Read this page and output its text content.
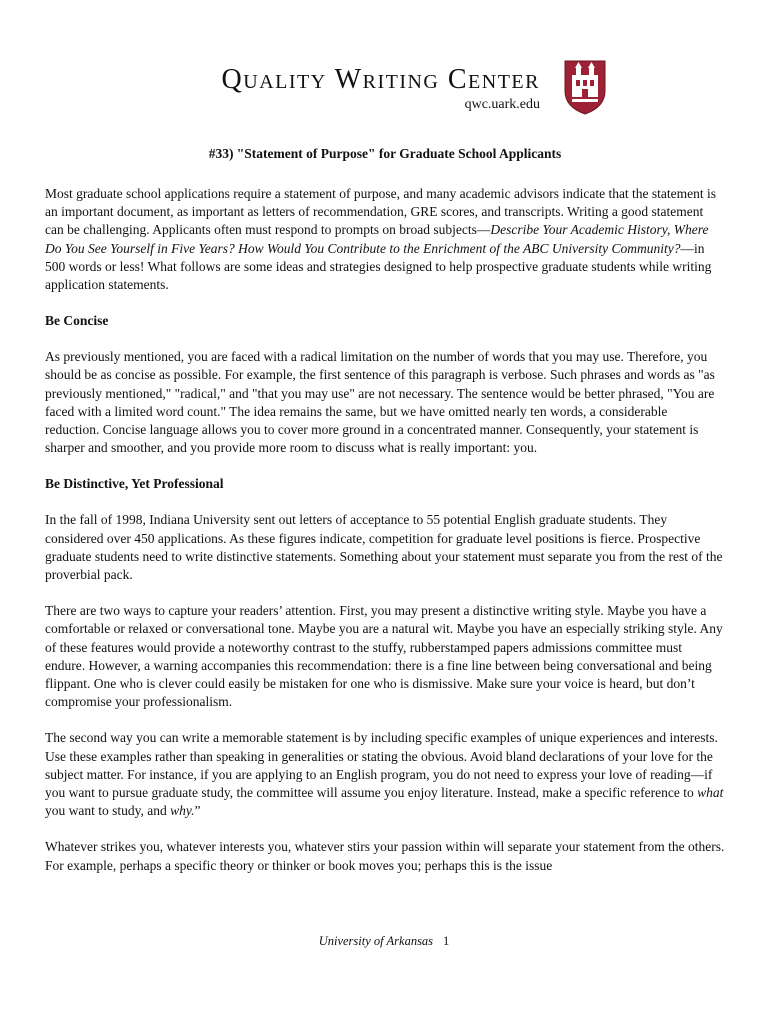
Quality Writing Center
qwc.uark.edu
#33) "Statement of Purpose" for Graduate School Applicants

Most graduate school applications require a statement of purpose, and many academic advisors indicate that the statement is an important document, as important as letters of recommendation, GRE scores, and transcripts. Writing a good statement can be challenging. Applicants often must respond to prompts on broad subjects—Describe Your Academic History, Where Do You See Yourself in Five Years? How Would You Contribute to the Enrichment of the ABC University Community?—in 500 words or less! What follows are some ideas and strategies designed to help prospective graduate students while writing application statements.

Be Concise

As previously mentioned, you are faced with a radical limitation on the number of words that you may use. Therefore, you should be as concise as possible. For example, the first sentence of this paragraph is verbose. Such phrases and words as "as previously mentioned," "radical," and "that you may use" are not necessary. The sentence would be better phrased, "You are faced with a limited word count." The idea remains the same, but we have omitted nearly ten words, a considerable reduction. Concise language allows you to cover more ground in a concentrated manner. Consequently, your statement is sharper and smoother, and you provide more room to discuss what is really important: you.

Be Distinctive, Yet Professional

In the fall of 1998, Indiana University sent out letters of acceptance to 55 potential English graduate students. They considered over 450 applications. As these figures indicate, competition for graduate level positions is fierce. Prospective graduate students need to write distinctive statements. Something about your statement must separate you from the rest of the proverbial pack.

There are two ways to capture your readers’ attention. First, you may present a distinctive writing style. Maybe you have a comfortable or relaxed or conversational tone. Maybe you are a natural wit. Maybe you have an especially striking style. Any of these features would provide a noteworthy contrast to the stuffy, rubberstamped papers admissions committee must endure. However, a warning accompanies this recommendation: there is a fine line between being conversational and being flippant. One who is clever could easily be mistaken for one who is dismissive. Make sure your voice is heard, but don’t compromise your professionalism.

The second way you can write a memorable statement is by including specific examples of unique experiences and interests. Use these examples rather than speaking in generalities or stating the obvious. Avoid bland declarations of your love for the subject matter. For instance, if you are applying to an English program, you do not need to express your love of reading—if you want to pursue graduate study, the committee will assume you enjoy literature. Instead, make a specific reference to what you want to study, and why.”

Whatever strikes you, whatever interests you, whatever stirs your passion within will separate your statement from the others. For example, perhaps a specific theory or thinker or book moves you; perhaps this is the issue

University of Arkansas 1
